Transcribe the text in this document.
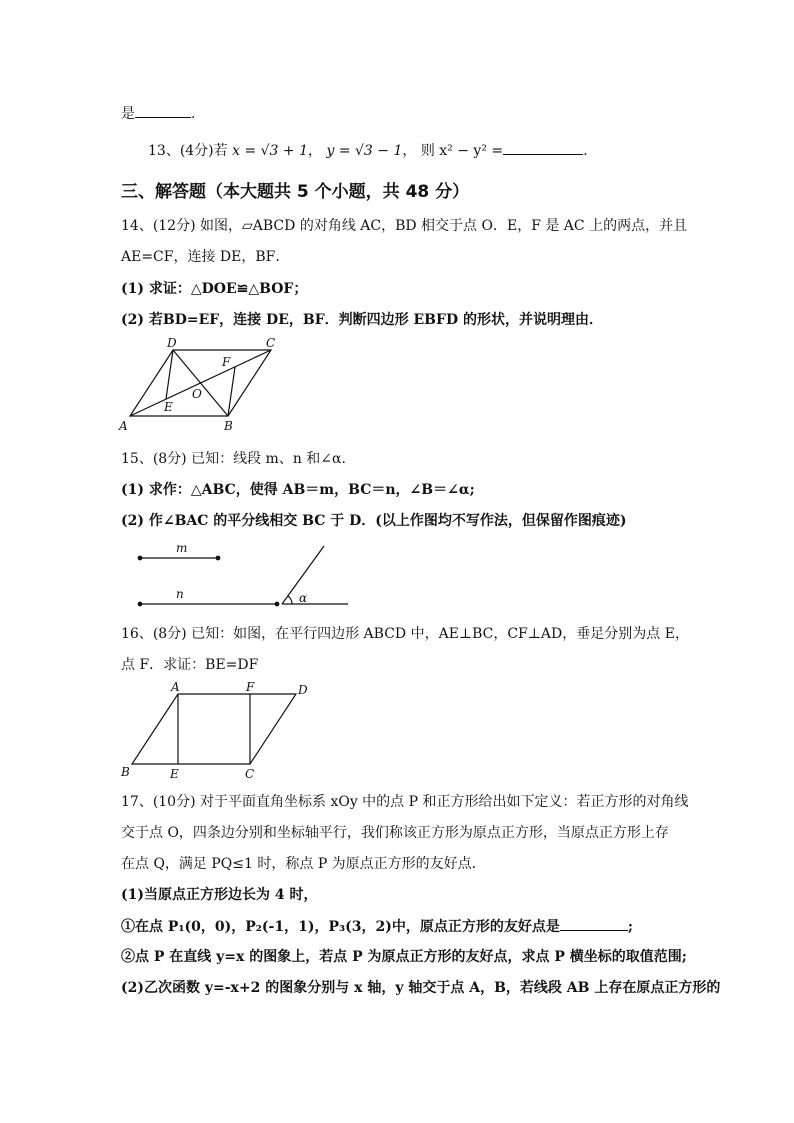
是	.
13、(4分)若 x = √3 + 1， y = √3 − 1， 则 x² − y² =	.
三、解答题（本大题共 5 个小题，共 48 分）
14、(12分) 如图，▱ABCD 的对角线 AC，BD 相交于点 O．E，F 是 AC 上的两点，并且
AE=CF，连接 DE，BF．
(1) 求证：△DOE≌△BOF；
(2) 若BD=EF，连接 DE，BF．判断四边形 EBFD 的形状，并说明理由．
A	B
C
D
E
F
O
15、(8分) 已知：线段 m、n 和∠α.
(1) 求作：△ABC，使得 AB＝m，BC＝n，∠B＝∠α;
(2) 作∠BAC 的平分线相交 BC 于 D．(以上作图均不写作法，但保留作图痕迹)
m
n	α
16、(8分) 已知：如图，在平行四边形 ABCD 中，AE⊥BC，CF⊥AD，垂足分别为点 E，
点 F．求证：BE=DF
B
A	F	D
E	C
17、(10分) 对于平面直角坐标系 xOy 中的点 P 和正方形给出如下定义：若正方形的对角线
交于点 O，四条边分别和坐标轴平行，我们称该正方形为原点正方形，当原点正方形上存
在点 Q，满足 PQ≤1 时，称点 P 为原点正方形的友好点．
(1)当原点正方形边长为 4 时，
①在点 P₁(0，0)，P₂(-1，1)，P₃(3，2)中，原点正方形的友好点是	;
②点 P 在直线 y=x 的图象上，若点 P 为原点正方形的友好点，求点 P 横坐标的取值范围;
(2)乙次函数 y=-x+2 的图象分别与 x 轴，y 轴交于点 A，B，若线段 AB 上存在原点正方形的
